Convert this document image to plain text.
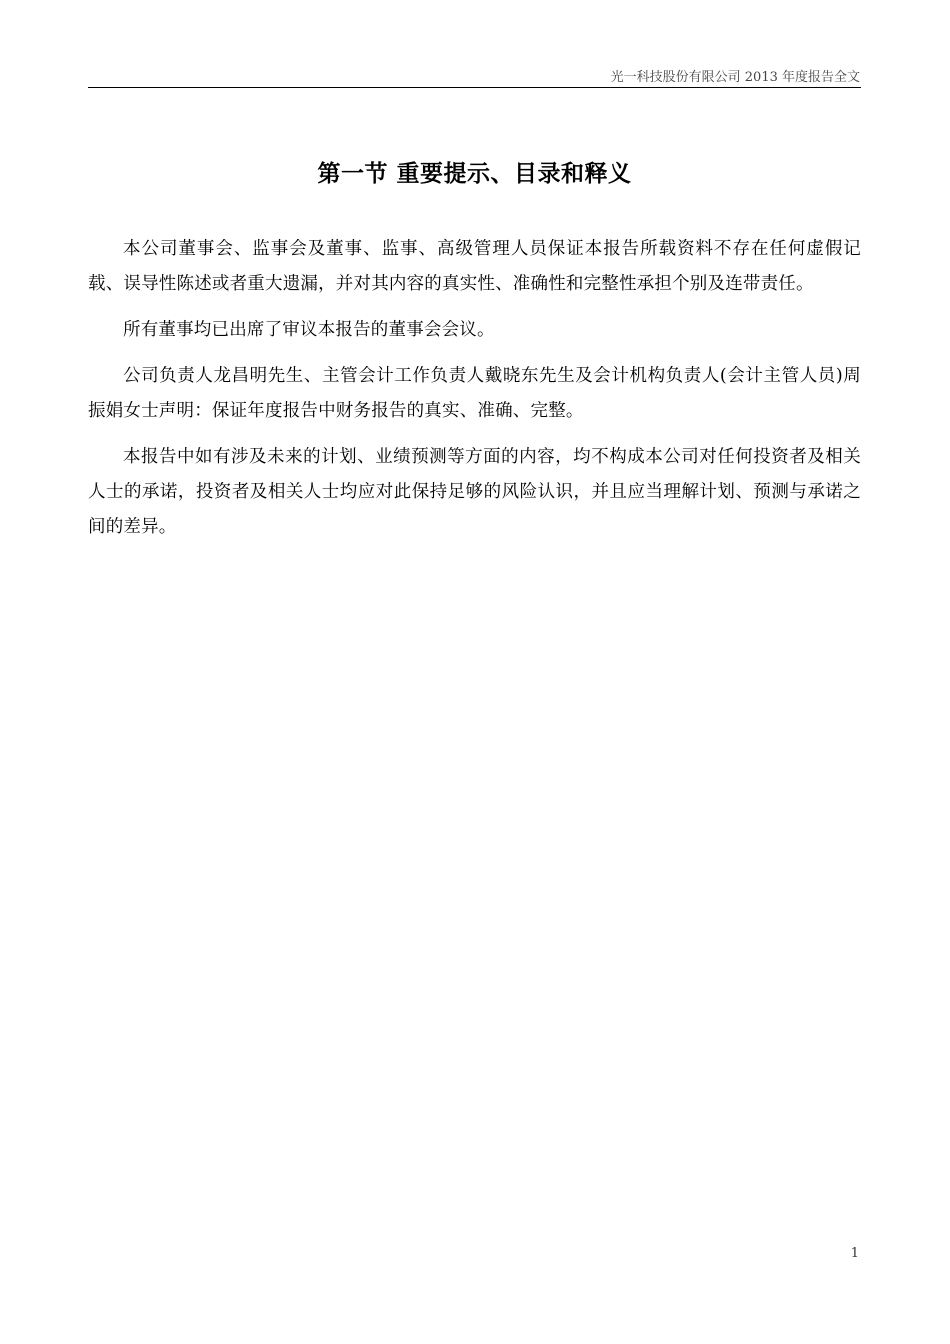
光一科技股份有限公司 2013 年度报告全文
第一节 重要提示、目录和释义

本公司董事会、监事会及董事、监事、高级管理人员保证本报告所载资料不存在任何虚假记载、误导性陈述或者重大遗漏，并对其内容的真实性、准确性和完整性承担个别及连带责任。

所有董事均已出席了审议本报告的董事会会议。

公司负责人龙昌明先生、主管会计工作负责人戴晓东先生及会计机构负责人(会计主管人员)周振娟女士声明：保证年度报告中财务报告的真实、准确、完整。

本报告中如有涉及未来的计划、业绩预测等方面的内容，均不构成本公司对任何投资者及相关人士的承诺，投资者及相关人士均应对此保持足够的风险认识，并且应当理解计划、预测与承诺之间的差异。

1
